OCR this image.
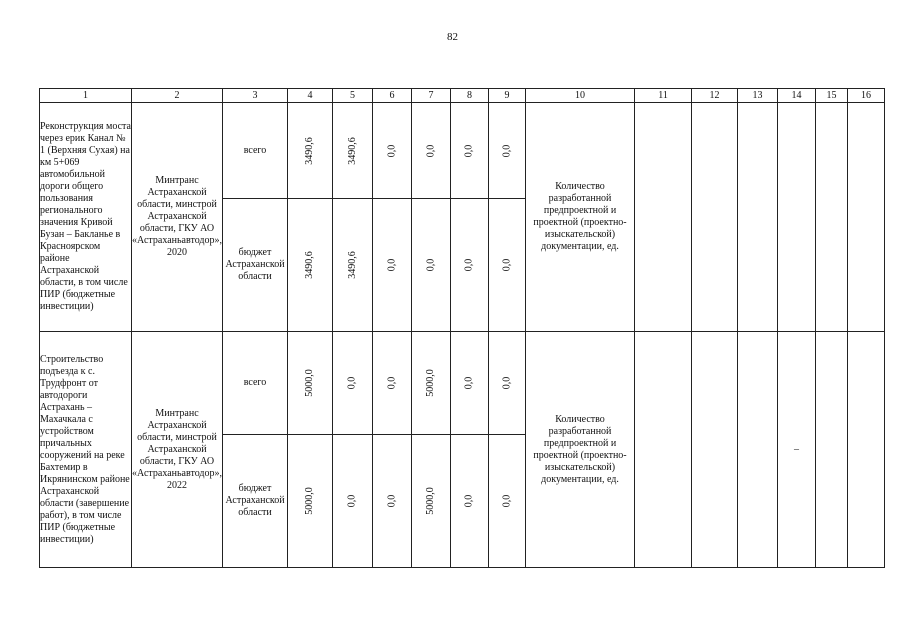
82
1	2	3	4	5	6	7	8	9	10	11	12	13	14	15	16
Реконструкция моста через ерик Канал № 1 (Верхняя Сухая) на км 5+069 автомобильной дороги общего пользования регионального значения Кривой Бузан – Бакланье в Красноярском районе Астраханской области, в том числе ПИР (бюджетные инвестиции)	Минтранс Астраханской области, минстрой Астраханской области, ГКУ АО «Астраханьавтодор», 2020	всего	3490,6	3490,6	0,0	0,0	0,0	0,0	Количество разработанной предпроектной и проектной (проектно-изыскательской) документации, ед.						
		бюджет Астраханской области	3490,6	3490,6	0,0	0,0	0,0	0,0							
Строительство подъезда к с. Трудфронт от автодороги Астрахань – Махачкала с устройством причальных сооружений на реке Бахтемир в Икрянинском районе Астраханской области (завершение работ), в том числе ПИР (бюджетные инвестиции)	Минтранс Астраханской области, минстрой Астраханской области, ГКУ АО «Астраханьавтодор», 2022	всего	5000,0	0,0	0,0	5000,0	0,0	0,0	Количество разработанной предпроектной и проектной (проектно-изыскательской) документации, ед.				–		
		бюджет Астраханской области	5000,0	0,0	0,0	5000,0	0,0	0,0							
